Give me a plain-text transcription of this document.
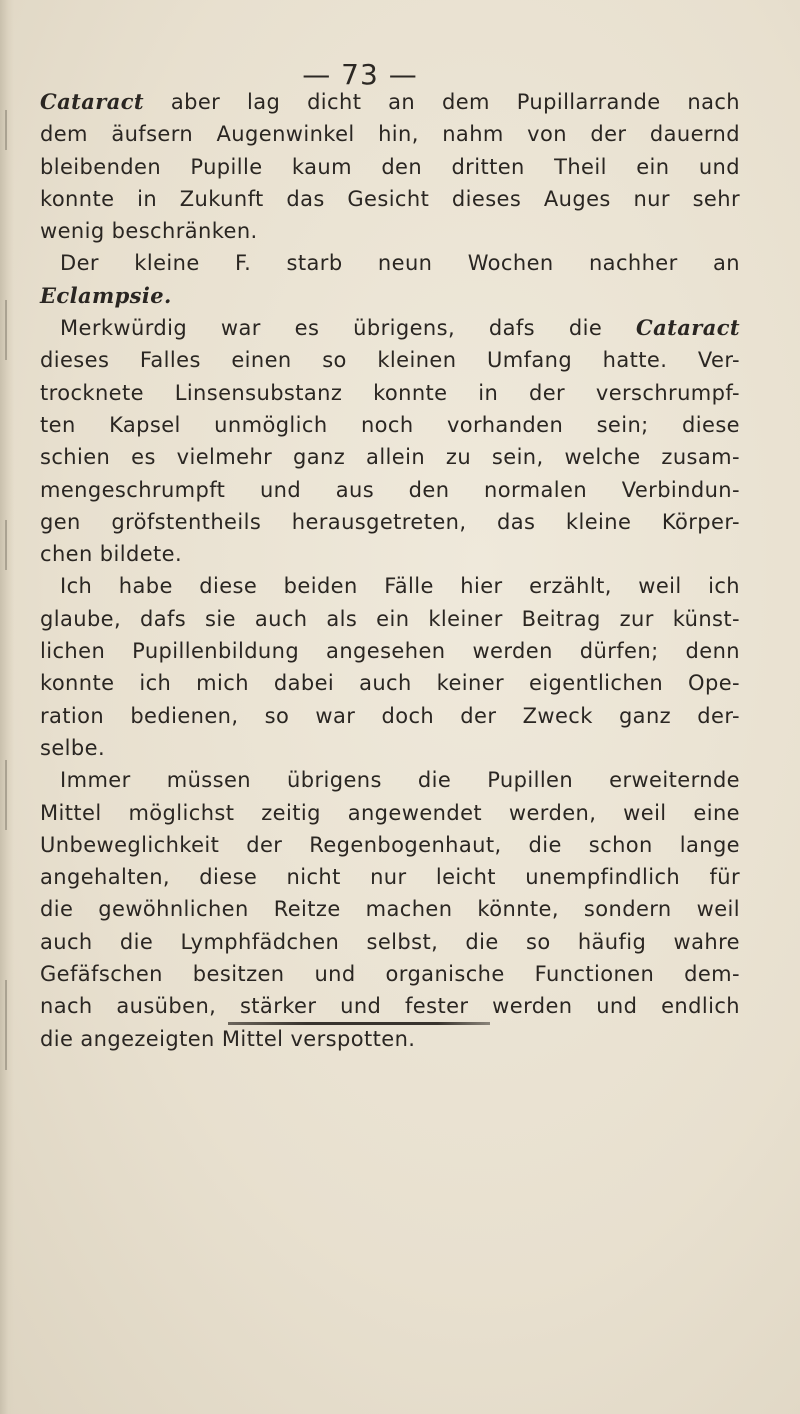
— 73 —
Cataract aber lag dicht an dem Pupillarrande nach
dem äufsern Augenwinkel hin, nahm von der dauernd
bleibenden Pupille kaum den dritten Theil ein und
konnte in Zukunft das Gesicht dieses Auges nur sehr
wenig beschränken.
Der kleine F. starb neun Wochen nachher an
Eclampsie.
Merkwürdig war es übrigens, dafs die Cataract
dieses Falles einen so kleinen Umfang hatte. Ver-
trocknete Linsensubstanz konnte in der verschrumpf-
ten Kapsel unmöglich noch vorhanden sein; diese
schien es vielmehr ganz allein zu sein, welche zusam-
mengeschrumpft und aus den normalen Verbindun-
gen gröfstentheils herausgetreten, das kleine Körper-
chen bildete.
Ich habe diese beiden Fälle hier erzählt, weil ich
glaube, dafs sie auch als ein kleiner Beitrag zur künst-
lichen Pupillenbildung angesehen werden dürfen; denn
konnte ich mich dabei auch keiner eigentlichen Ope-
ration bedienen, so war doch der Zweck ganz der-
selbe.
Immer müssen übrigens die Pupillen erweiternde
Mittel möglichst zeitig angewendet werden, weil eine
Unbeweglichkeit der Regenbogenhaut, die schon lange
angehalten, diese nicht nur leicht unempfindlich für
die gewöhnlichen Reitze machen könnte, sondern weil
auch die Lymphfädchen selbst, die so häufig wahre
Gefäfschen besitzen und organische Functionen dem-
nach ausüben, stärker und fester werden und endlich
die angezeigten Mittel verspotten.
